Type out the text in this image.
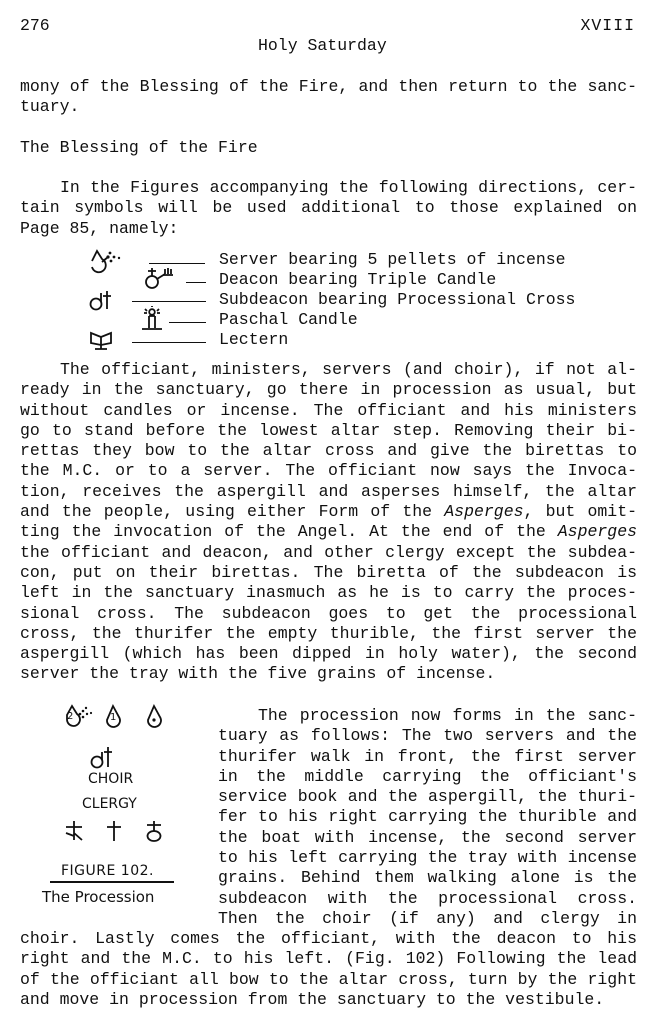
276	XVIII
Holy Saturday
mony of the Blessing of the Fire, and then return to the sanc-
tuary.
The Blessing of the Fire
In the Figures accompanying the following directions, cer-
tain symbols will be used additional to those explained on
Page 85, namely:
Server bearing 5 pellets of incense
Deacon bearing Triple Candle
Subdeacon bearing Processional Cross
Paschal Candle
Lectern
The officiant, ministers, servers (and choir), if not al-
ready in the sanctuary, go there in procession as usual, but
without candles or incense. The officiant and his ministers
go to stand before the lowest altar step. Removing their bi-
rettas they bow to the altar cross and give the birettas to
the M.C. or to a server. The officiant now says the Invoca-
tion, receives the aspergill and asperses himself, the altar
and the people, using either Form of the Asperges, but omit-
ting the invocation of the Angel. At the end of the Asperges
the officiant and deacon, and other clergy except the subdea-
con, put on their birettas. The biretta of the subdeacon is
left in the sanctuary inasmuch as he is to carry the proces-
sional cross. The subdeacon goes to get the processional
cross, the thurifer the empty thurible, the first server the
aspergill (which has been dipped in holy water), the second
server the tray with the five grains of incense.
2	1
CHOIR
CLERGY
FIGURE 102.
The Procession
The procession now forms in the sanc-
tuary as follows: The two servers and the
thurifer walk in front, the first server
in the middle carrying the officiant's
service book and the aspergill, the thuri-
fer to his right carrying the thurible and
the boat with incense, the second server
to his left carrying the tray with incense
grains. Behind them walking alone is the
subdeacon with the processional cross.
Then the choir (if any) and clergy in
choir. Lastly comes the officiant, with the deacon to his
right and the M.C. to his left. (Fig. 102) Following the lead
of the officiant all bow to the altar cross, turn by the right
and move in procession from the sanctuary to the vestibule.
